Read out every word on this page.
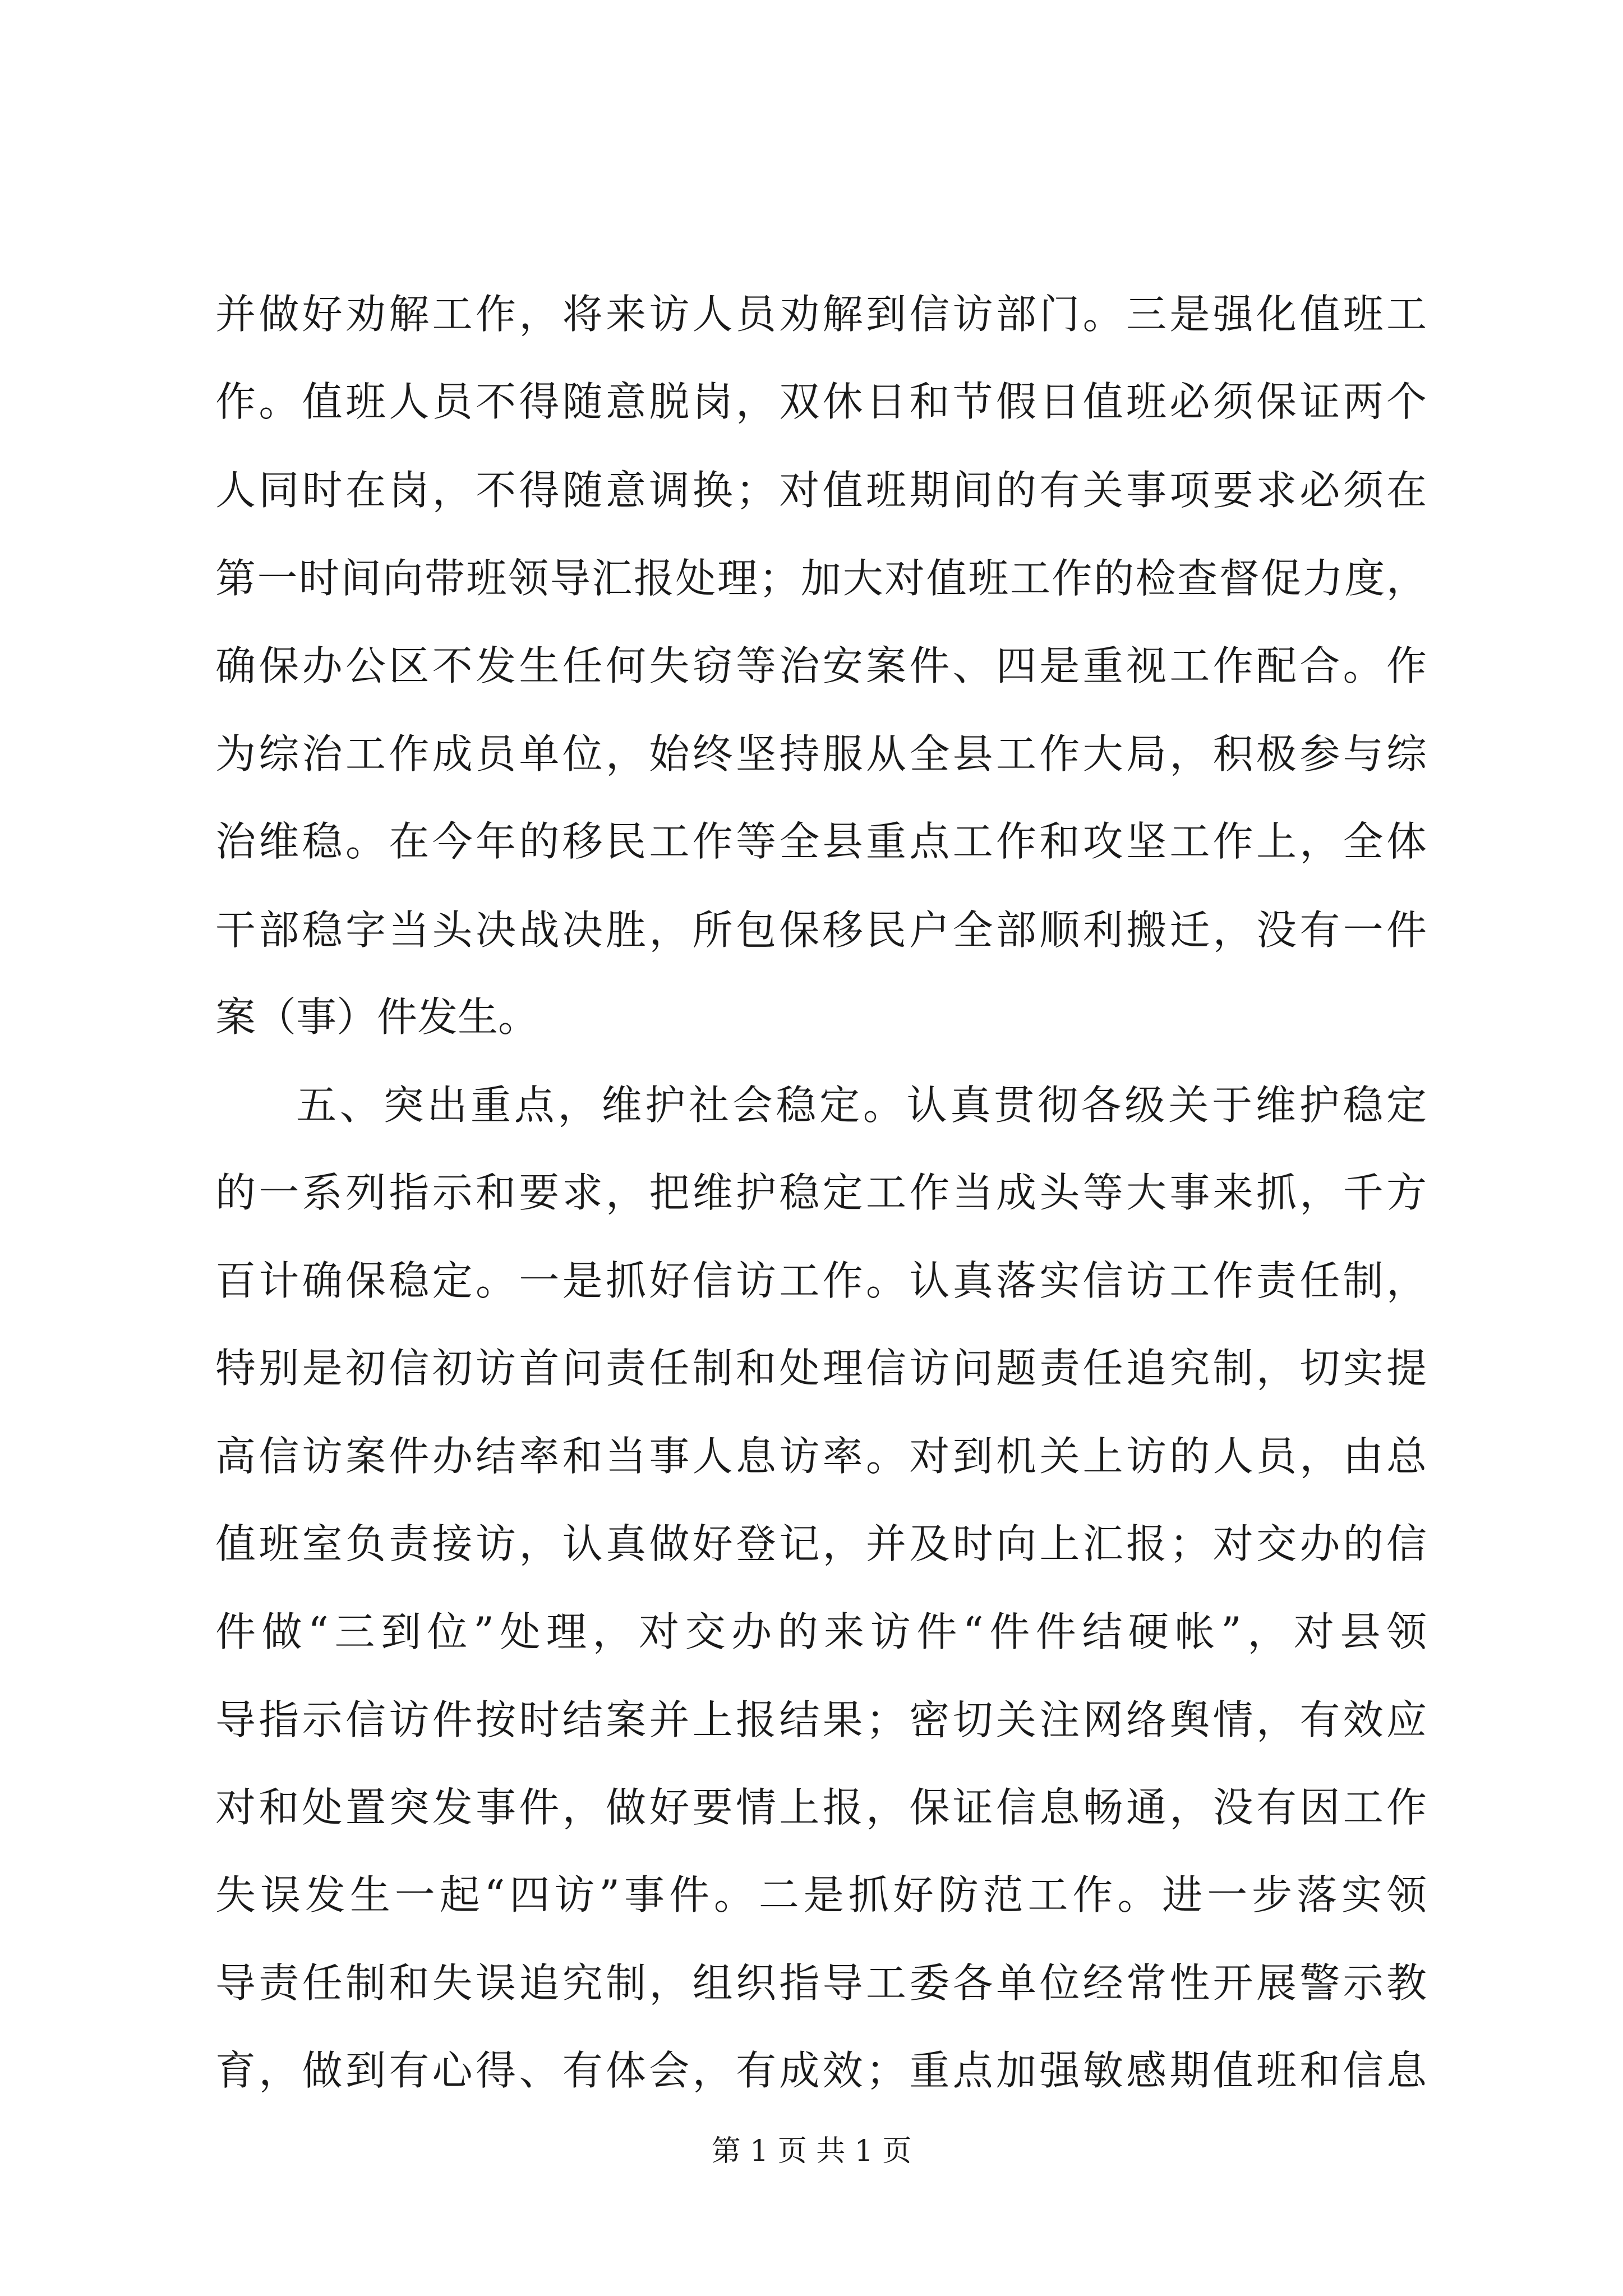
并做好劝解工作，将来访人员劝解到信访部门。三是强化值班工
作。值班人员不得随意脱岗，双休日和节假日值班必须保证两个
人同时在岗，不得随意调换；对值班期间的有关事项要求必须在
第一时间向带班领导汇报处理；加大对值班工作的检查督促力度，
确保办公区不发生任何失窃等治安案件、四是重视工作配合。作
为综治工作成员单位，始终坚持服从全县工作大局，积极参与综
治维稳。在今年的移民工作等全县重点工作和攻坚工作上，全体
干部稳字当头决战决胜，所包保移民户全部顺利搬迁，没有一件
案（事）件发生。
五、突出重点，维护社会稳定。认真贯彻各级关于维护稳定
的一系列指示和要求，把维护稳定工作当成头等大事来抓，千方
百计确保稳定。一是抓好信访工作。认真落实信访工作责任制，
特别是初信初访首问责任制和处理信访问题责任追究制，切实提
高信访案件办结率和当事人息访率。对到机关上访的人员，由总
值班室负责接访，认真做好登记，并及时向上汇报；对交办的信
件做“三到位”处理，对交办的来访件“件件结硬帐”，对县领
导指示信访件按时结案并上报结果；密切关注网络舆情，有效应
对和处置突发事件，做好要情上报，保证信息畅通，没有因工作
失误发生一起“四访”事件。二是抓好防范工作。进一步落实领
导责任制和失误追究制，组织指导工委各单位经常性开展警示教
育，做到有心得、有体会，有成效；重点加强敏感期值班和信息
第 1 页 共 1 页
